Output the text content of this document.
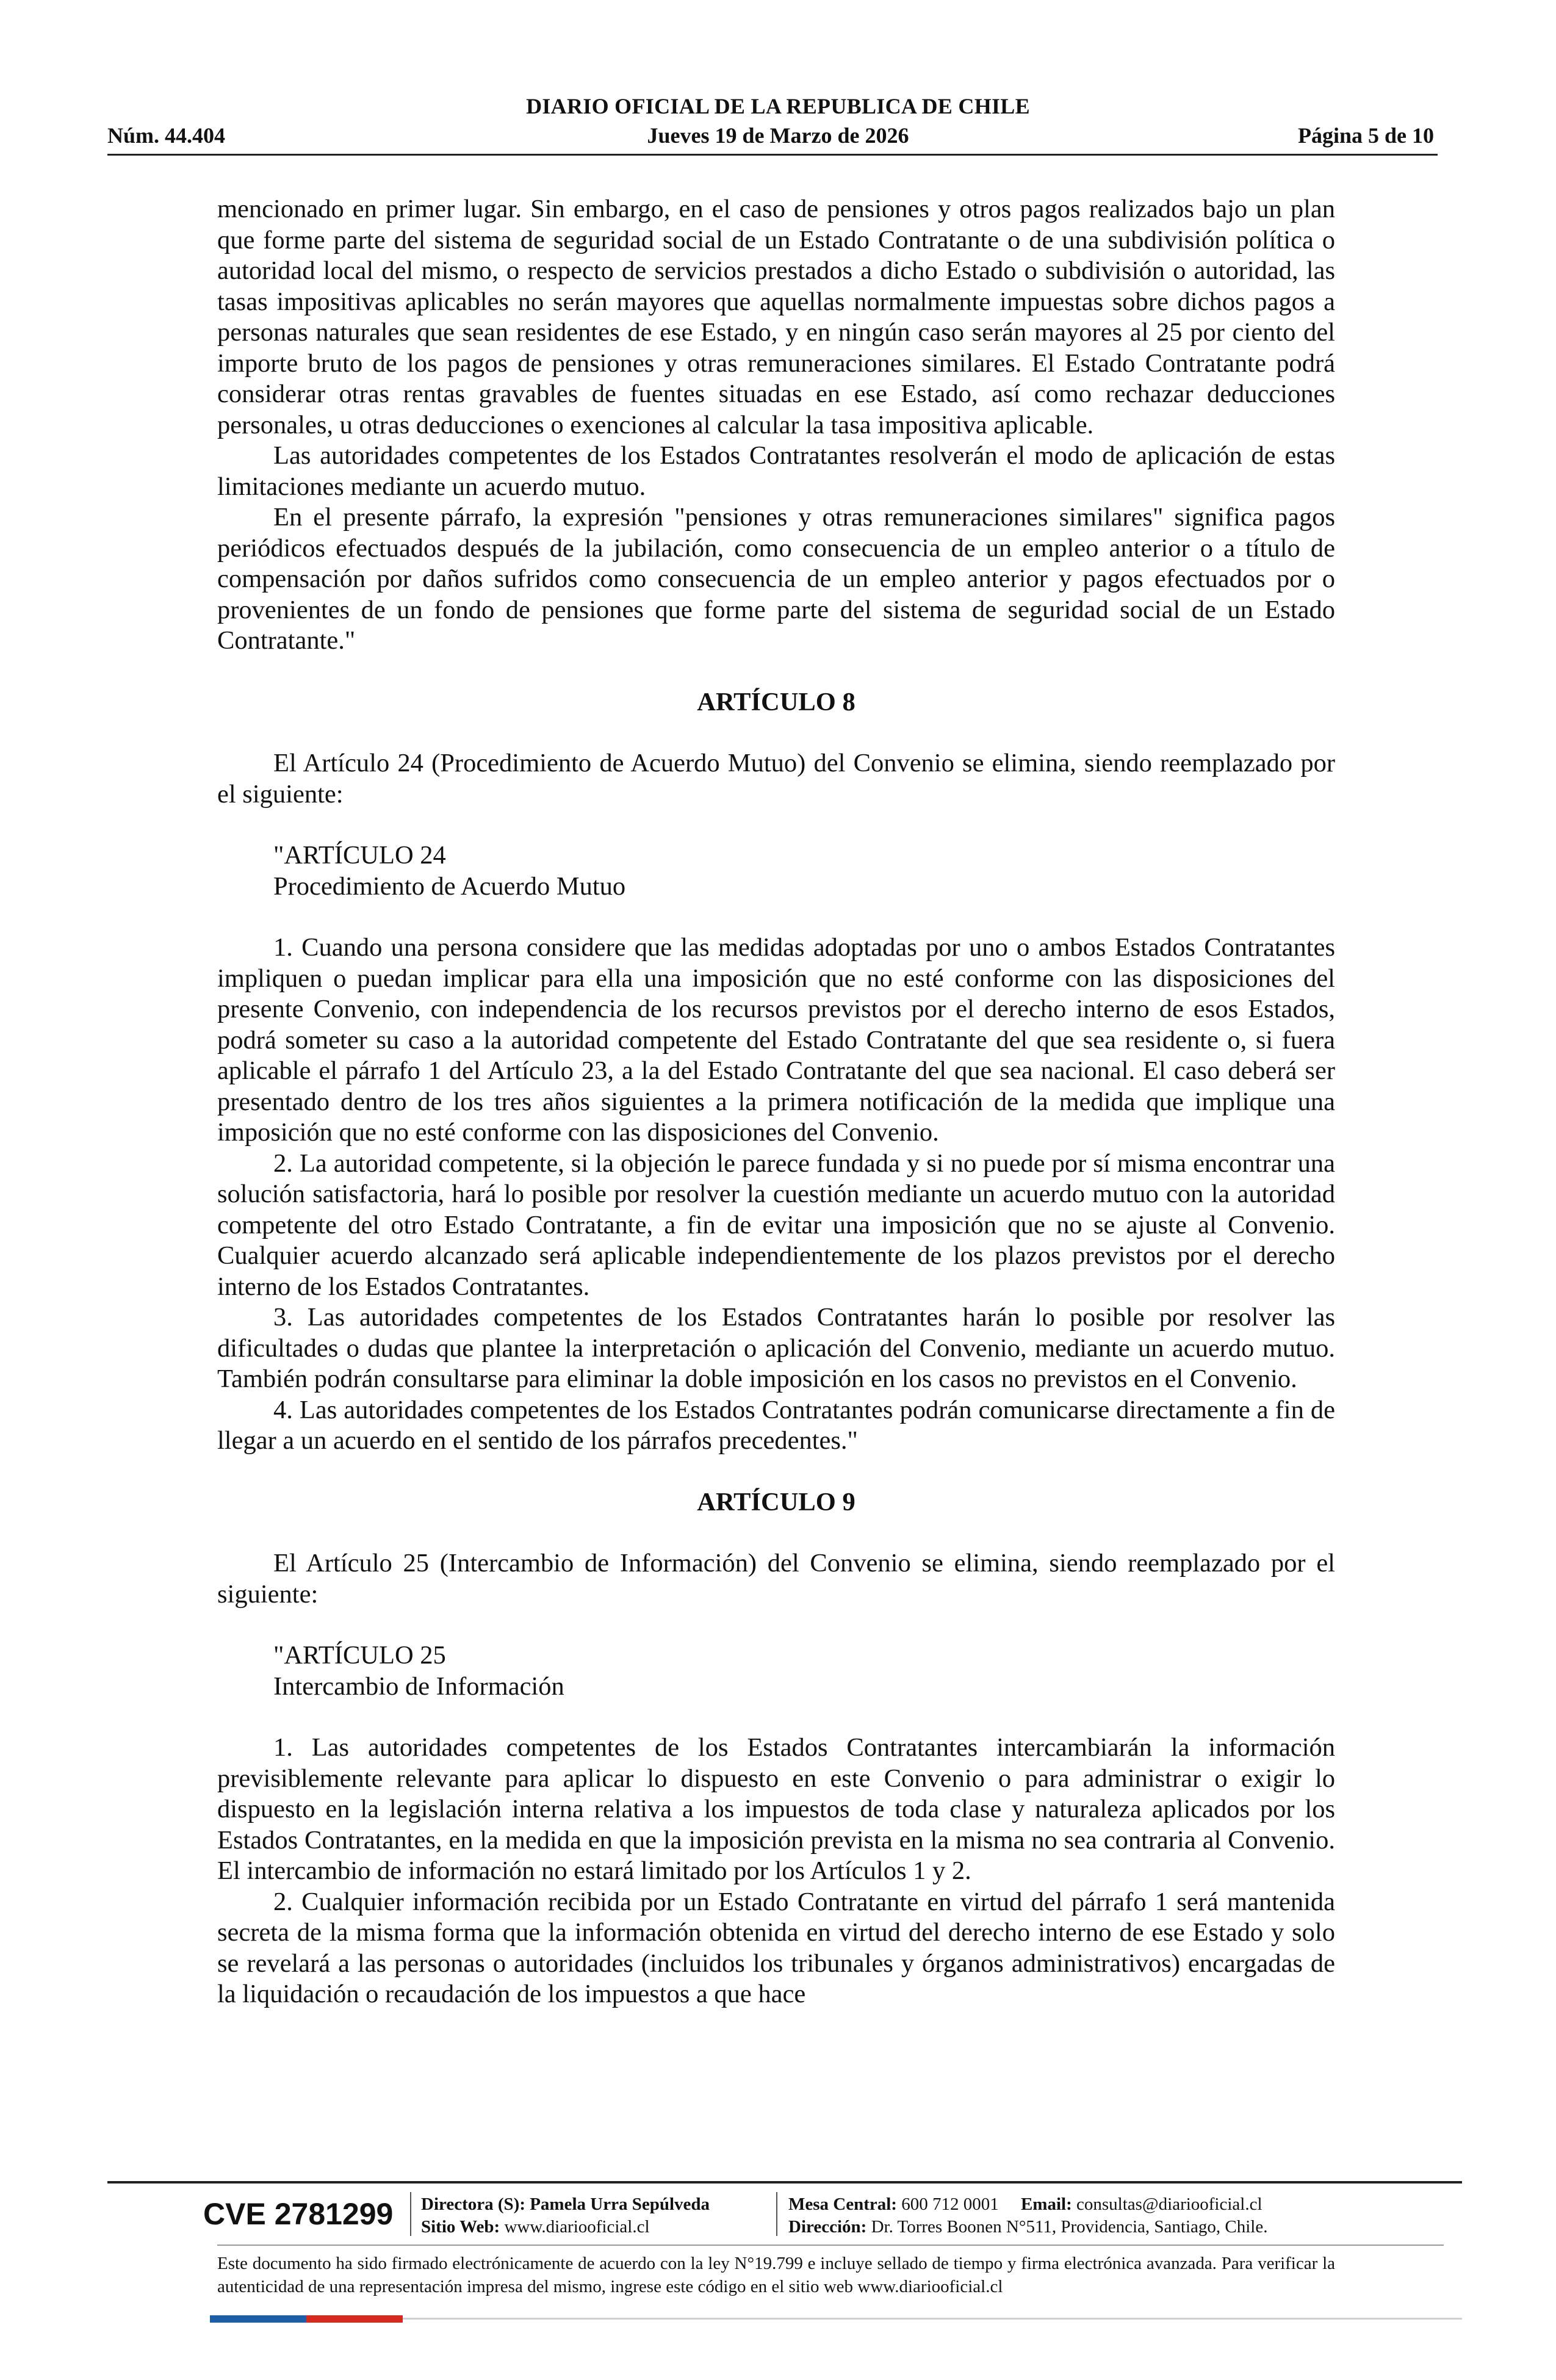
DIARIO OFICIAL DE LA REPUBLICA DE CHILE
Núm. 44.404	Jueves 19 de Marzo de 2026	Página 5 de 10

mencionado en primer lugar. Sin embargo, en el caso de pensiones y otros pagos realizados bajo un plan que forme parte del sistema de seguridad social de un Estado Contratante o de una subdivisión política o autoridad local del mismo, o respecto de servicios prestados a dicho Estado o subdivisión o autoridad, las tasas impositivas aplicables no serán mayores que aquellas normalmente impuestas sobre dichos pagos a personas naturales que sean residentes de ese Estado, y en ningún caso serán mayores al 25 por ciento del importe bruto de los pagos de pensiones y otras remuneraciones similares. El Estado Contratante podrá considerar otras rentas gravables de fuentes situadas en ese Estado, así como rechazar deducciones personales, u otras deducciones o exenciones al calcular la tasa impositiva aplicable.

Las autoridades competentes de los Estados Contratantes resolverán el modo de aplicación de estas limitaciones mediante un acuerdo mutuo.

En el presente párrafo, la expresión "pensiones y otras remuneraciones similares" significa pagos periódicos efectuados después de la jubilación, como consecuencia de un empleo anterior o a título de compensación por daños sufridos como consecuencia de un empleo anterior y pagos efectuados por o provenientes de un fondo de pensiones que forme parte del sistema de seguridad social de un Estado Contratante."

ARTÍCULO 8

El Artículo 24 (Procedimiento de Acuerdo Mutuo) del Convenio se elimina, siendo reemplazado por el siguiente:

"ARTÍCULO 24

Procedimiento de Acuerdo Mutuo

1. Cuando una persona considere que las medidas adoptadas por uno o ambos Estados Contratantes impliquen o puedan implicar para ella una imposición que no esté conforme con las disposiciones del presente Convenio, con independencia de los recursos previstos por el derecho interno de esos Estados, podrá someter su caso a la autoridad competente del Estado Contratante del que sea residente o, si fuera aplicable el párrafo 1 del Artículo 23, a la del Estado Contratante del que sea nacional. El caso deberá ser presentado dentro de los tres años siguientes a la primera notificación de la medida que implique una imposición que no esté conforme con las disposiciones del Convenio.

2. La autoridad competente, si la objeción le parece fundada y si no puede por sí misma encontrar una solución satisfactoria, hará lo posible por resolver la cuestión mediante un acuerdo mutuo con la autoridad competente del otro Estado Contratante, a fin de evitar una imposición que no se ajuste al Convenio. Cualquier acuerdo alcanzado será aplicable independientemente de los plazos previstos por el derecho interno de los Estados Contratantes.

3. Las autoridades competentes de los Estados Contratantes harán lo posible por resolver las dificultades o dudas que plantee la interpretación o aplicación del Convenio, mediante un acuerdo mutuo. También podrán consultarse para eliminar la doble imposición en los casos no previstos en el Convenio.

4. Las autoridades competentes de los Estados Contratantes podrán comunicarse directamente a fin de llegar a un acuerdo en el sentido de los párrafos precedentes."

ARTÍCULO 9

El Artículo 25 (Intercambio de Información) del Convenio se elimina, siendo reemplazado por el siguiente:

"ARTÍCULO 25

Intercambio de Información

1. Las autoridades competentes de los Estados Contratantes intercambiarán la información previsiblemente relevante para aplicar lo dispuesto en este Convenio o para administrar o exigir lo dispuesto en la legislación interna relativa a los impuestos de toda clase y naturaleza aplicados por los Estados Contratantes, en la medida en que la imposición prevista en la misma no sea contraria al Convenio. El intercambio de información no estará limitado por los Artículos 1 y 2.

2. Cualquier información recibida por un Estado Contratante en virtud del párrafo 1 será mantenida secreta de la misma forma que la información obtenida en virtud del derecho interno de ese Estado y solo se revelará a las personas o autoridades (incluidos los tribunales y órganos administrativos) encargadas de la liquidación o recaudación de los impuestos a que hace

CVE 2781299 Directora (S): Pamela Urra Sepúlveda
Sitio Web: www.diariooficial.cl
Mesa Central: 600 712 0001 Email: consultas@diariooficial.cl
Dirección: Dr. Torres Boonen N°511, Providencia, Santiago, Chile.
Este documento ha sido firmado electrónicamente de acuerdo con la ley N°19.799 e incluye sellado de tiempo y firma electrónica avanzada. Para verificar la autenticidad de una representación impresa del mismo, ingrese este código en el sitio web www.diariooficial.cl
